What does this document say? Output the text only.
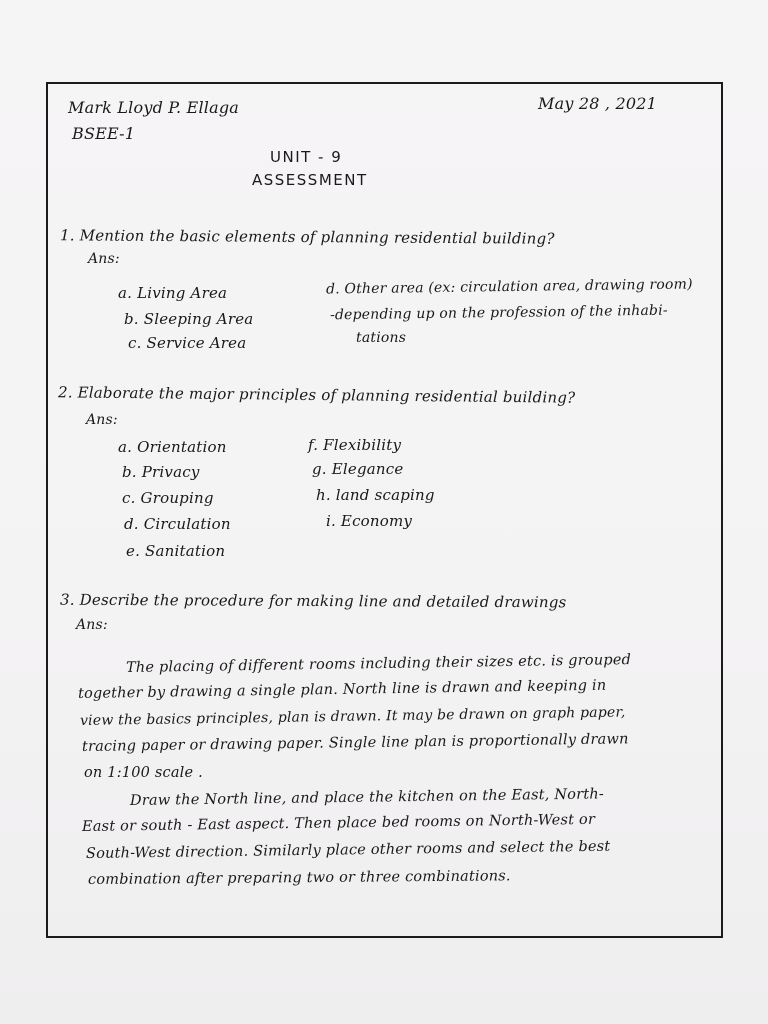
Mark Lloyd P. Ellaga
BSEE-1
May 28 , 2021
UNIT - 9
ASSESSMENT
1. Mention the basic elements of planning residential building?
Ans:
a. Living Area
b. Sleeping Area
c. Service Area
d. Other area (ex: circulation area, drawing room)
-depending up on the profession of the inhabi-
tations
2. Elaborate the major principles of planning residential building?
Ans:
a. Orientation
b. Privacy
c. Grouping
d. Circulation
e. Sanitation
f. Flexibility
g. Elegance
h. land scaping
i. Economy
3. Describe the procedure for making line and detailed drawings
Ans:
The placing of different rooms including their sizes etc. is grouped
together by drawing a single plan. North line is drawn and keeping in
view the basics principles, plan is drawn. It may be drawn on graph paper,
tracing paper or drawing paper. Single line plan is proportionally drawn
on 1:100 scale .
Draw the North line, and place the kitchen on the East, North-
East or south - East aspect. Then place bed rooms on North-West or
South-West direction. Similarly place other rooms and select the best
combination after preparing two or three combinations.
